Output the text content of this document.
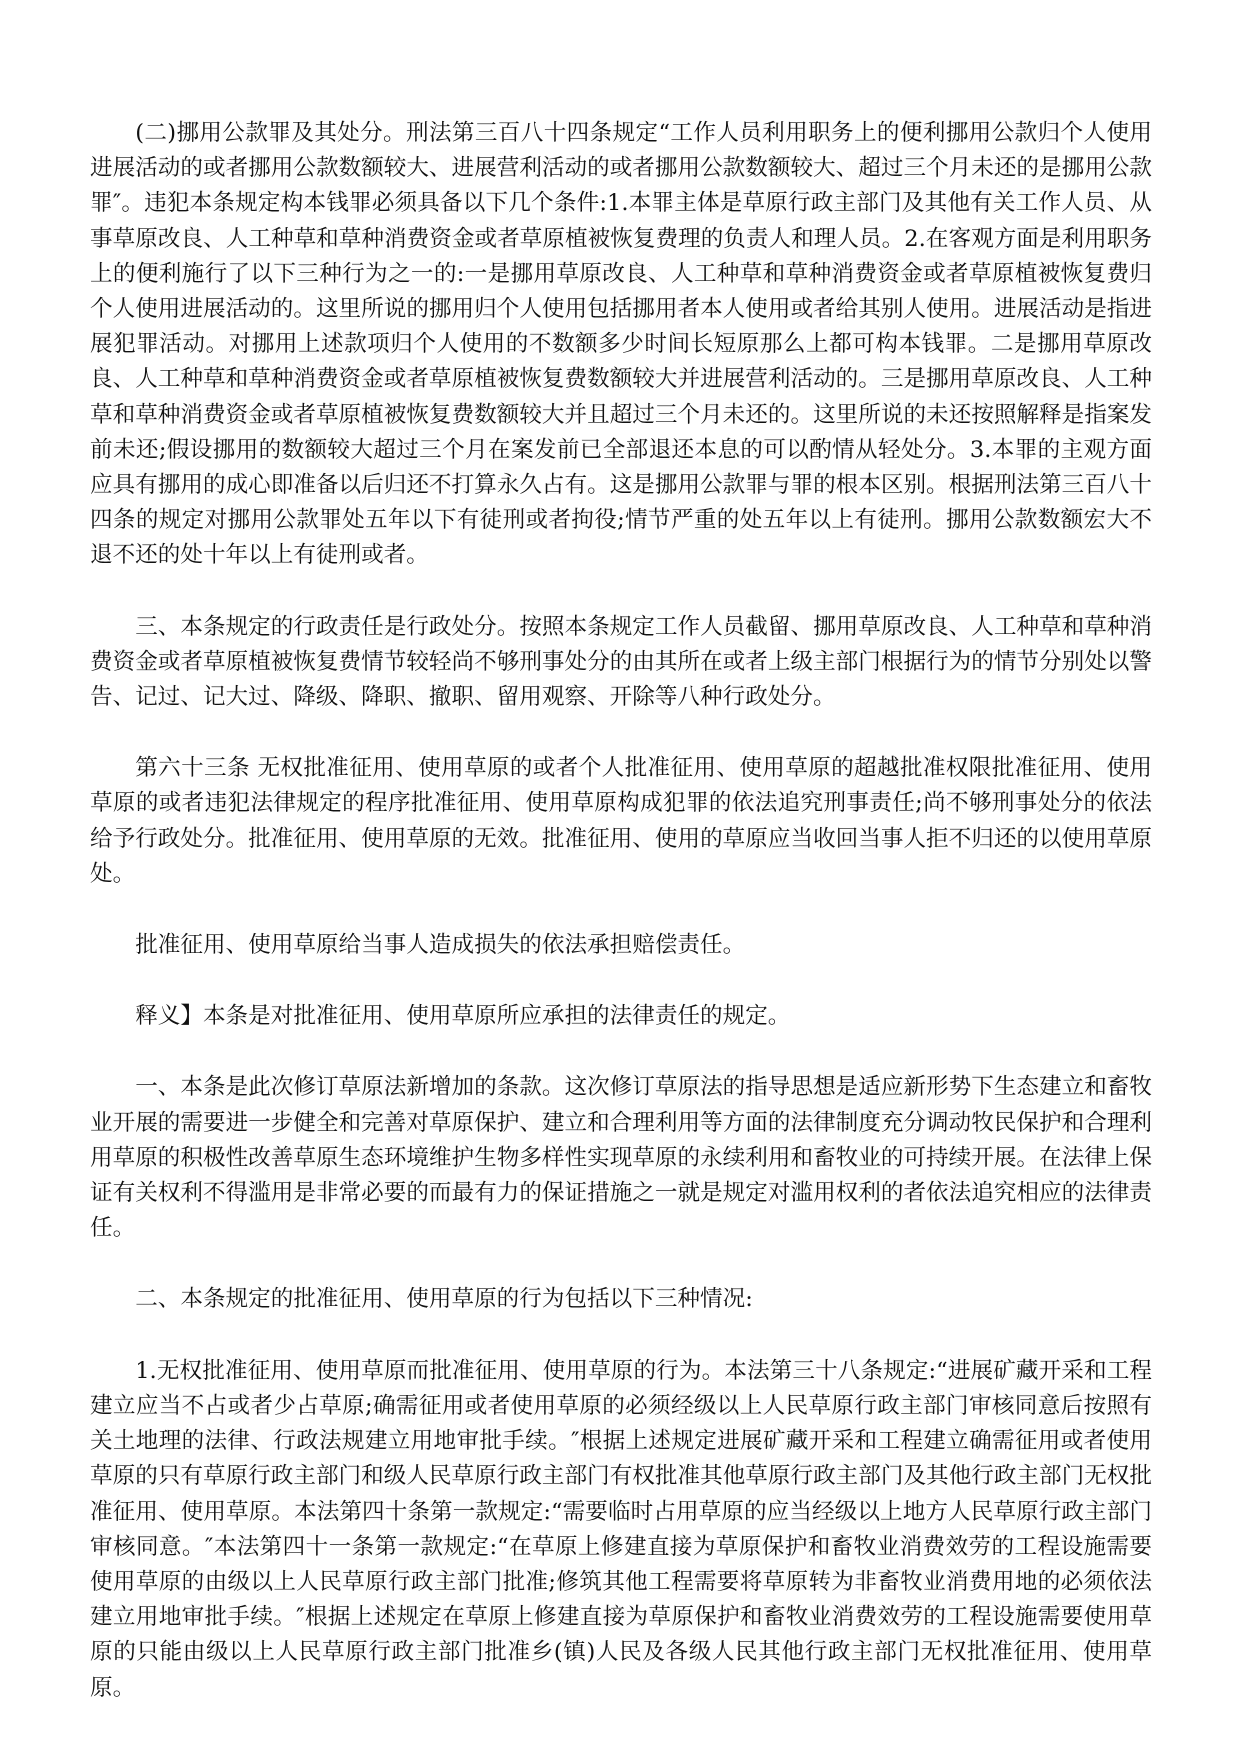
(二)挪用公款罪及其处分。刑法第三百八十四条规定“工作人员利用职务上的便利挪用公款归个人使用进展活动的或者挪用公款数额较大、进展营利活动的或者挪用公款数额较大、超过三个月未还的是挪用公款罪″。违犯本条规定构本钱罪必须具备以下几个条件:1.本罪主体是草原行政主部门及其他有关工作人员、从事草原改良、人工种草和草种消费资金或者草原植被恢复费理的负责人和理人员。2.在客观方面是利用职务上的便利施行了以下三种行为之一的:一是挪用草原改良、人工种草和草种消费资金或者草原植被恢复费归个人使用进展活动的。这里所说的挪用归个人使用包括挪用者本人使用或者给其别人使用。进展活动是指进展犯罪活动。对挪用上述款项归个人使用的不数额多少时间长短原那么上都可构本钱罪。二是挪用草原改良、人工种草和草种消费资金或者草原植被恢复费数额较大并进展营利活动的。三是挪用草原改良、人工种草和草种消费资金或者草原植被恢复费数额较大并且超过三个月未还的。这里所说的未还按照解释是指案发前未还;假设挪用的数额较大超过三个月在案发前已全部退还本息的可以酌情从轻处分。3.本罪的主观方面应具有挪用的成心即准备以后归还不打算永久占有。这是挪用公款罪与罪的根本区别。根据刑法第三百八十四条的规定对挪用公款罪处五年以下有徒刑或者拘役;情节严重的处五年以上有徒刑。挪用公款数额宏大不退不还的处十年以上有徒刑或者。

三、本条规定的行政责任是行政处分。按照本条规定工作人员截留、挪用草原改良、人工种草和草种消费资金或者草原植被恢复费情节较轻尚不够刑事处分的由其所在或者上级主部门根据行为的情节分别处以警告、记过、记大过、降级、降职、撤职、留用观察、开除等八种行政处分。

第六十三条 无权批准征用、使用草原的或者个人批准征用、使用草原的超越批准权限批准征用、使用草原的或者违犯法律规定的程序批准征用、使用草原构成犯罪的依法追究刑事责任;尚不够刑事处分的依法给予行政处分。批准征用、使用草原的无效。批准征用、使用的草原应当收回当事人拒不归还的以使用草原处。

批准征用、使用草原给当事人造成损失的依法承担赔偿责任。

释义】本条是对批准征用、使用草原所应承担的法律责任的规定。

一、本条是此次修订草原法新增加的条款。这次修订草原法的指导思想是适应新形势下生态建立和畜牧业开展的需要进一步健全和完善对草原保护、建立和合理利用等方面的法律制度充分调动牧民保护和合理利用草原的积极性改善草原生态环境维护生物多样性实现草原的永续利用和畜牧业的可持续开展。在法律上保证有关权利不得滥用是非常必要的而最有力的保证措施之一就是规定对滥用权利的者依法追究相应的法律责任。

二、本条规定的批准征用、使用草原的行为包括以下三种情况:

1.无权批准征用、使用草原而批准征用、使用草原的行为。本法第三十八条规定:“进展矿藏开采和工程建立应当不占或者少占草原;确需征用或者使用草原的必须经级以上人民草原行政主部门审核同意后按照有关土地理的法律、行政法规建立用地审批手续。″根据上述规定进展矿藏开采和工程建立确需征用或者使用草原的只有草原行政主部门和级人民草原行政主部门有权批准其他草原行政主部门及其他行政主部门无权批准征用、使用草原。本法第四十条第一款规定:“需要临时占用草原的应当经级以上地方人民草原行政主部门审核同意。″本法第四十一条第一款规定:“在草原上修建直接为草原保护和畜牧业消费效劳的工程设施需要使用草原的由级以上人民草原行政主部门批准;修筑其他工程需要将草原转为非畜牧业消费用地的必须依法建立用地审批手续。″根据上述规定在草原上修建直接为草原保护和畜牧业消费效劳的工程设施需要使用草原的只能由级以上人民草原行政主部门批准乡(镇)人民及各级人民其他行政主部门无权批准征用、使用草原。
